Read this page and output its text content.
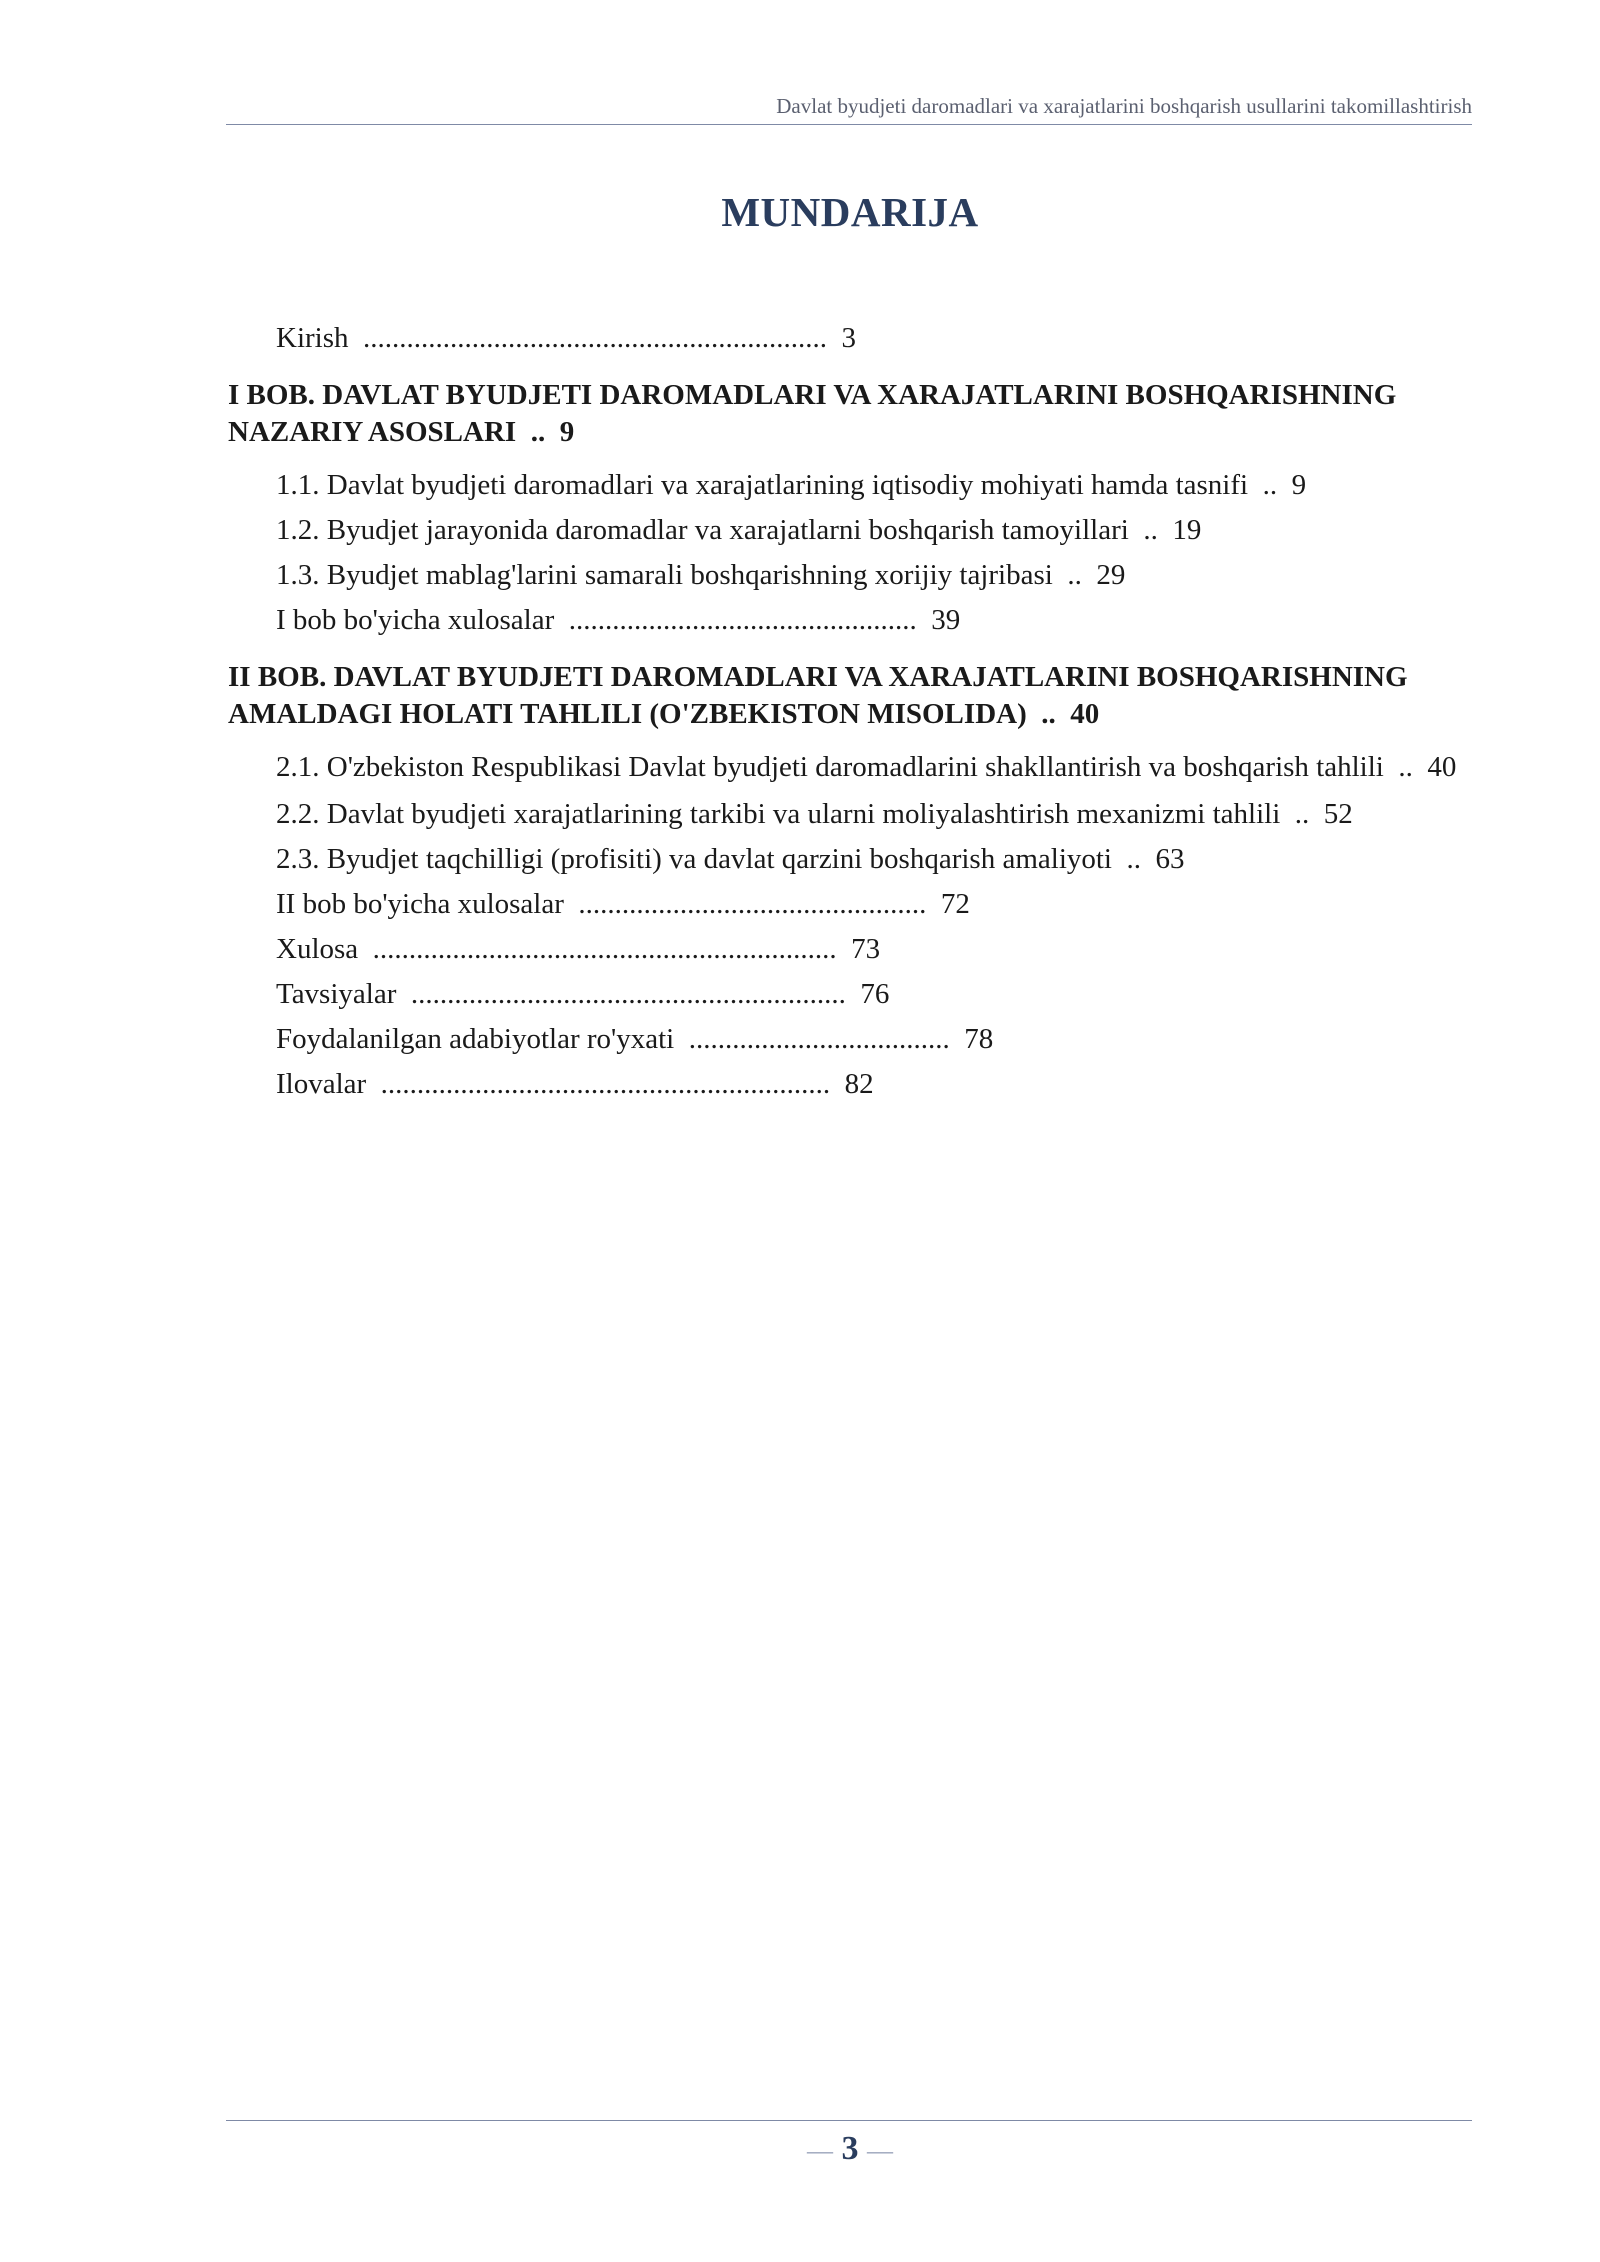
Davlat byudjeti daromadlari va xarajatlarini boshqarish usullarini takomillashtirish
MUNDARIJA
Kirish ................................................................ 3
I BOB. DAVLAT BYUDJETI DAROMADLARI VA XARAJATLARINI BOSHQARISHNING NAZARIY ASOSLARI .. 9
1.1. Davlat byudjeti daromadlari va xarajatlarining iqtisodiy mohiyati hamda tasnifi .. 9
1.2. Byudjet jarayonida daromadlar va xarajatlarni boshqarish tamoyillari .. 19
1.3. Byudjet mablag'larini samarali boshqarishning xorijiy tajribasi .. 29
I bob bo'yicha xulosalar ................................................ 39
II BOB. DAVLAT BYUDJETI DAROMADLARI VA XARAJATLARINI BOSHQARISHNING AMALDAGI HOLATI TAHLILI (O'ZBEKISTON MISOLIDA) .. 40
2.1. O'zbekiston Respublikasi Davlat byudjeti daromadlarini shakllantirish va boshqarish tahlili .. 40
2.2. Davlat byudjeti xarajatlarining tarkibi va ularni moliyalashtirish mexanizmi tahlili .. 52
2.3. Byudjet taqchilligi (profisiti) va davlat qarzini boshqarish amaliyoti .. 63
II bob bo'yicha xulosalar ................................................ 72
Xulosa ................................................................ 73
Tavsiyalar ............................................................ 76
Foydalanilgan adabiyotlar ro'yxati .................................... 78
Ilovalar .............................................................. 82
— 3 —
